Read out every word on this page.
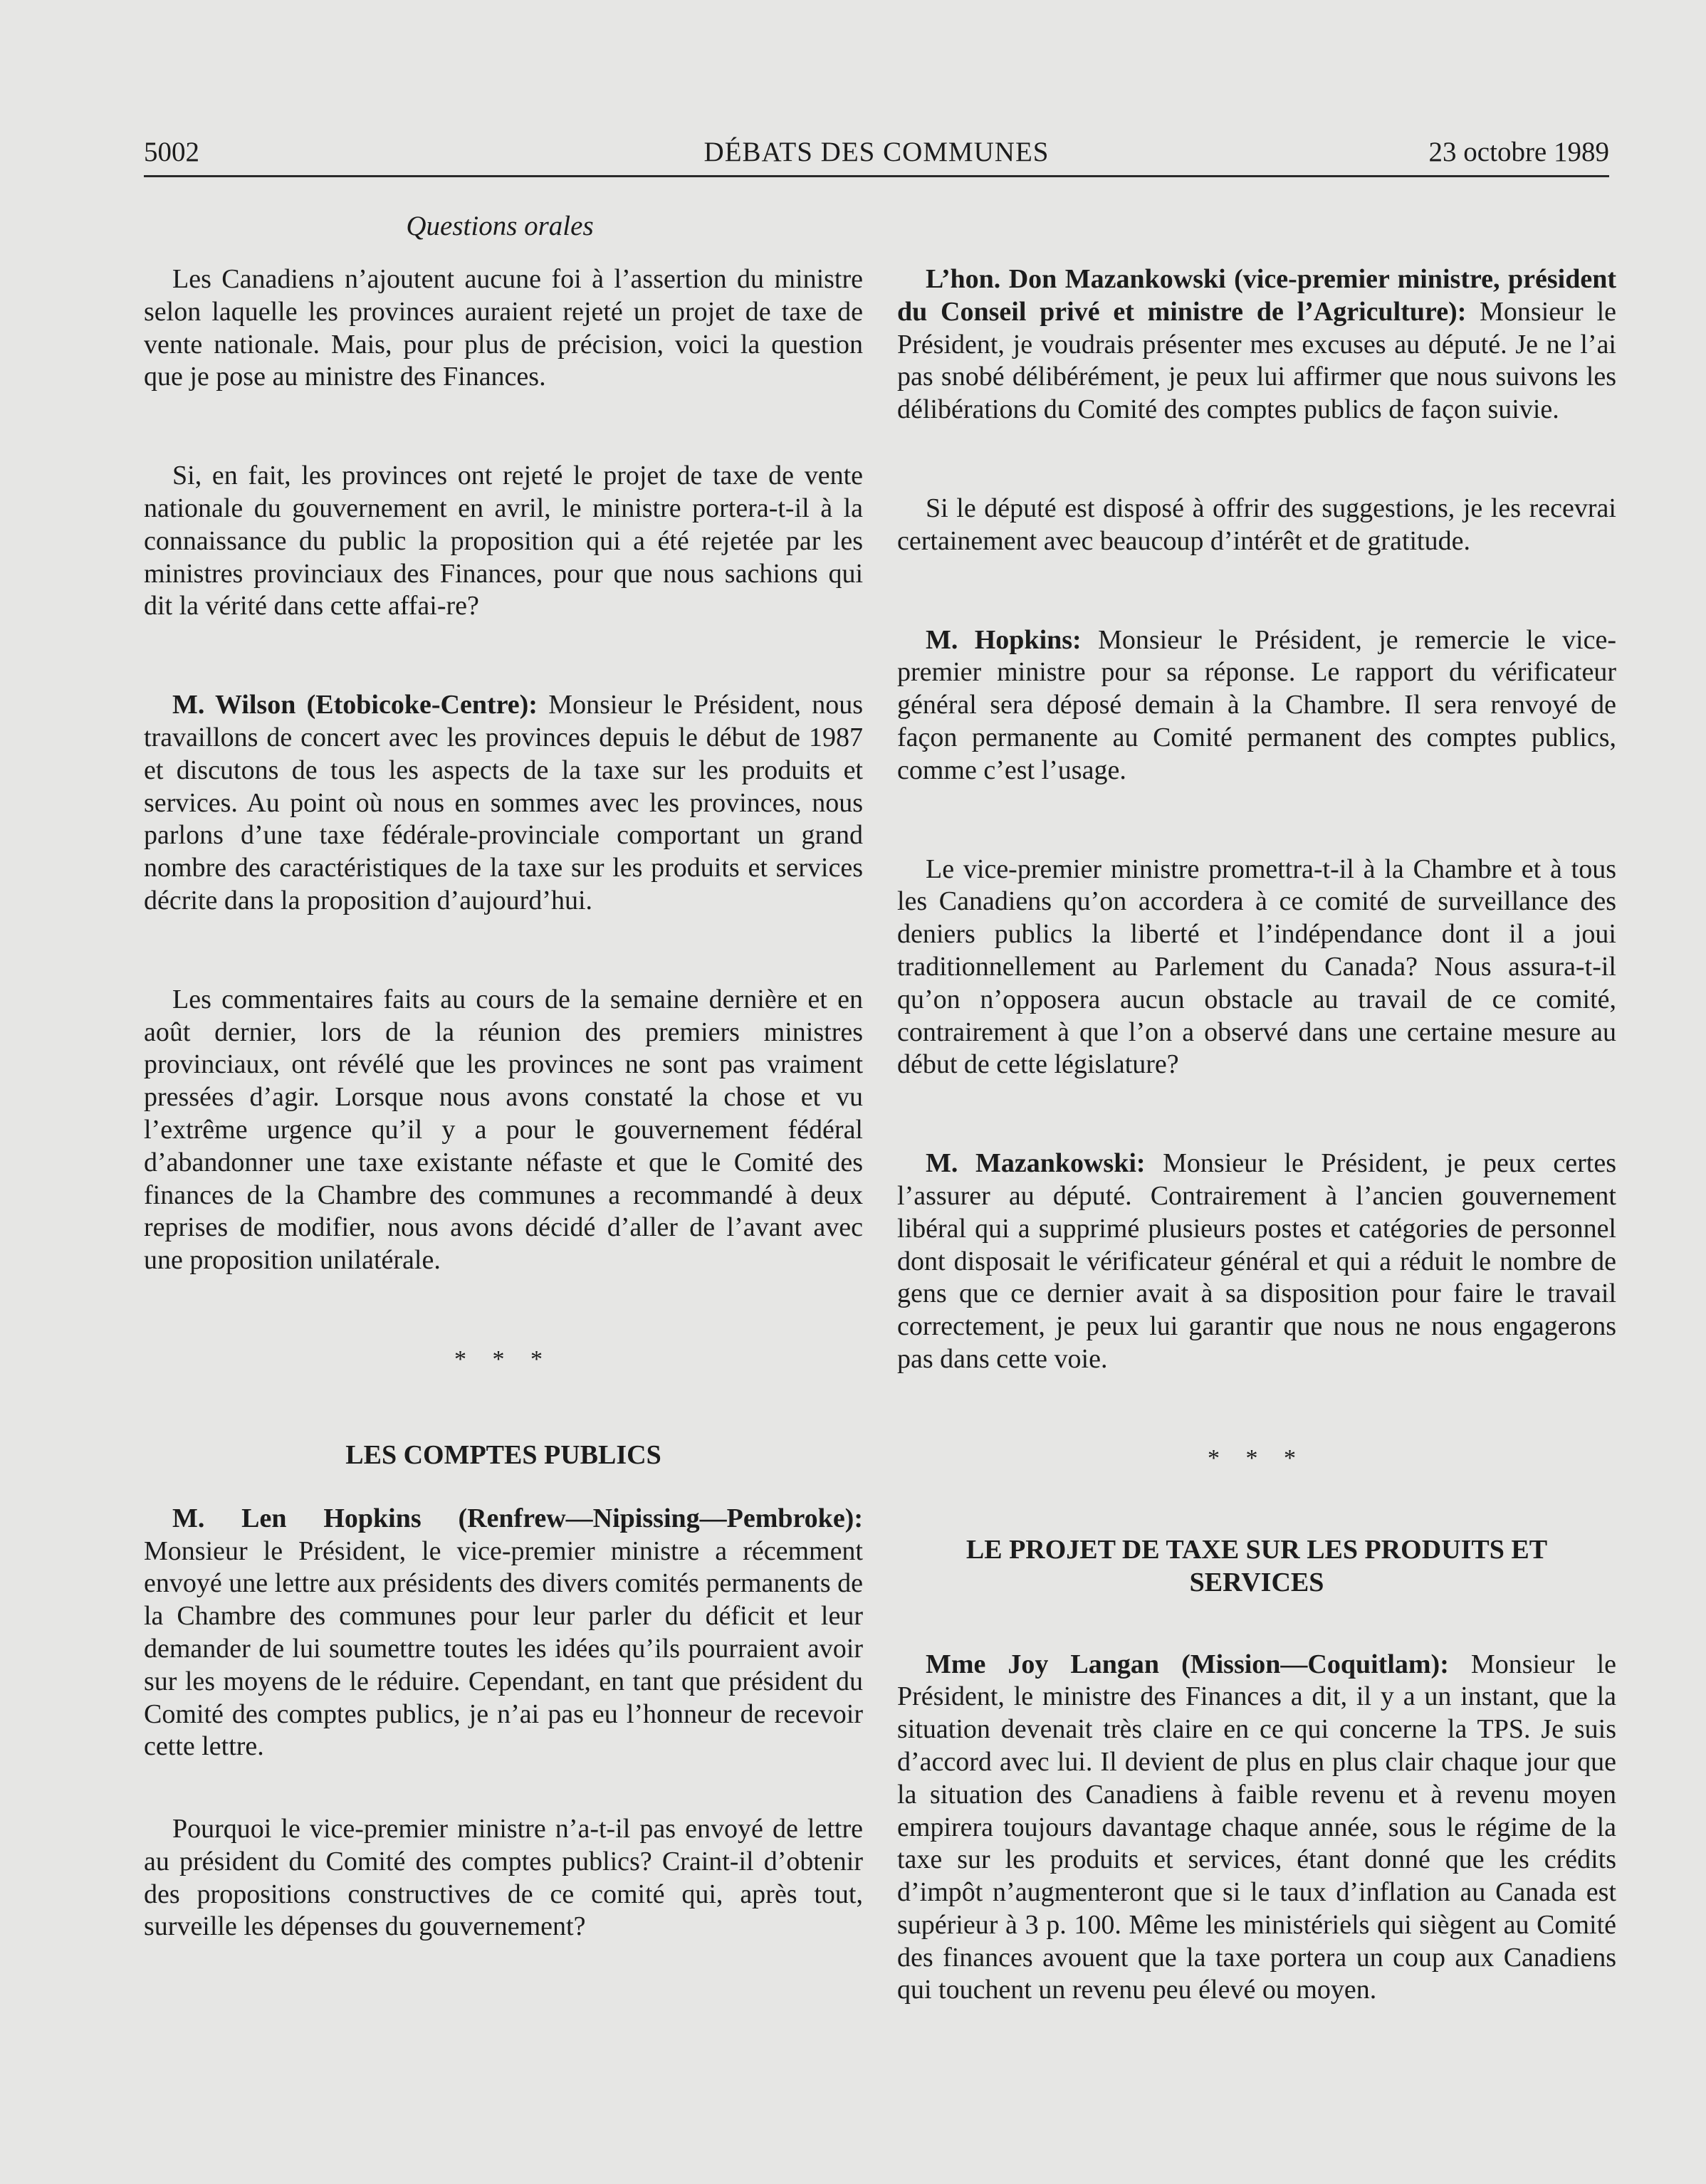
5002	DÉBATS DES COMMUNES	23 octobre 1989
Questions orales

Les Canadiens n’ajoutent aucune foi à l’assertion du ministre selon laquelle les provinces auraient rejeté un projet de taxe de vente nationale. Mais, pour plus de précision, voici la question que je pose au ministre des Finances.

Si, en fait, les provinces ont rejeté le projet de taxe de vente nationale du gouvernement en avril, le ministre portera-t-il à la connaissance du public la proposition qui a été rejetée par les ministres provinciaux des Finances, pour que nous sachions qui dit la vérité dans cette affai-re?

M. Wilson (Etobicoke-Centre): Monsieur le Président, nous travaillons de concert avec les provinces depuis le début de 1987 et discutons de tous les aspects de la taxe sur les produits et services. Au point où nous en sommes avec les provinces, nous parlons d’une taxe fédérale-provinciale comportant un grand nombre des caractéristiques de la taxe sur les produits et services décrite dans la proposition d’aujourd’hui.

Les commentaires faits au cours de la semaine dernière et en août dernier, lors de la réunion des premiers ministres provinciaux, ont révélé que les provinces ne sont pas vraiment pressées d’agir. Lorsque nous avons constaté la chose et vu l’extrême urgence qu’il y a pour le gouvernement fédéral d’abandonner une taxe existante néfaste et que le Comité des finances de la Chambre des communes a recommandé à deux reprises de modifier, nous avons décidé d’aller de l’avant avec une proposition unilatérale.

* * *
LES COMPTES PUBLICS

M. Len Hopkins (Renfrew—Nipissing—Pembroke): Monsieur le Président, le vice-premier ministre a récemment envoyé une lettre aux présidents des divers comités permanents de la Chambre des communes pour leur parler du déficit et leur demander de lui soumettre toutes les idées qu’ils pourraient avoir sur les moyens de le réduire. Cependant, en tant que président du Comité des comptes publics, je n’ai pas eu l’honneur de recevoir cette lettre.

Pourquoi le vice-premier ministre n’a-t-il pas envoyé de lettre au président du Comité des comptes publics? Craint-il d’obtenir des propositions constructives de ce comité qui, après tout, surveille les dépenses du gouvernement?

L’hon. Don Mazankowski (vice-premier ministre, président du Conseil privé et ministre de l’Agriculture): Monsieur le Président, je voudrais présenter mes excuses au député. Je ne l’ai pas snobé délibérément, je peux lui affirmer que nous suivons les délibérations du Comité des comptes publics de façon suivie.

Si le député est disposé à offrir des suggestions, je les recevrai certainement avec beaucoup d’intérêt et de gratitude.

M. Hopkins: Monsieur le Président, je remercie le vice-premier ministre pour sa réponse. Le rapport du vérificateur général sera déposé demain à la Chambre. Il sera renvoyé de façon permanente au Comité permanent des comptes publics, comme c’est l’usage.

Le vice-premier ministre promettra-t-il à la Chambre et à tous les Canadiens qu’on accordera à ce comité de surveillance des deniers publics la liberté et l’indépendance dont il a joui traditionnellement au Parlement du Canada? Nous assura-t-il qu’on n’opposera aucun obstacle au travail de ce comité, contrairement à que l’on a observé dans une certaine mesure au début de cette législature?

M. Mazankowski: Monsieur le Président, je peux certes l’assurer au député. Contrairement à l’ancien gouvernement libéral qui a supprimé plusieurs postes et catégories de personnel dont disposait le vérificateur général et qui a réduit le nombre de gens que ce dernier avait à sa disposition pour faire le travail correctement, je peux lui garantir que nous ne nous engagerons pas dans cette voie.

* * *
LE PROJET DE TAXE SUR LES PRODUITS ET SERVICES

Mme Joy Langan (Mission—Coquitlam): Monsieur le Président, le ministre des Finances a dit, il y a un instant, que la situation devenait très claire en ce qui concerne la TPS. Je suis d’accord avec lui. Il devient de plus en plus clair chaque jour que la situation des Canadiens à faible revenu et à revenu moyen empirera toujours davantage chaque année, sous le régime de la taxe sur les produits et services, étant donné que les crédits d’impôt n’augmenteront que si le taux d’inflation au Canada est supérieur à 3 p. 100. Même les ministériels qui siègent au Comité des finances avouent que la taxe portera un coup aux Canadiens qui touchent un revenu peu élevé ou moyen.
